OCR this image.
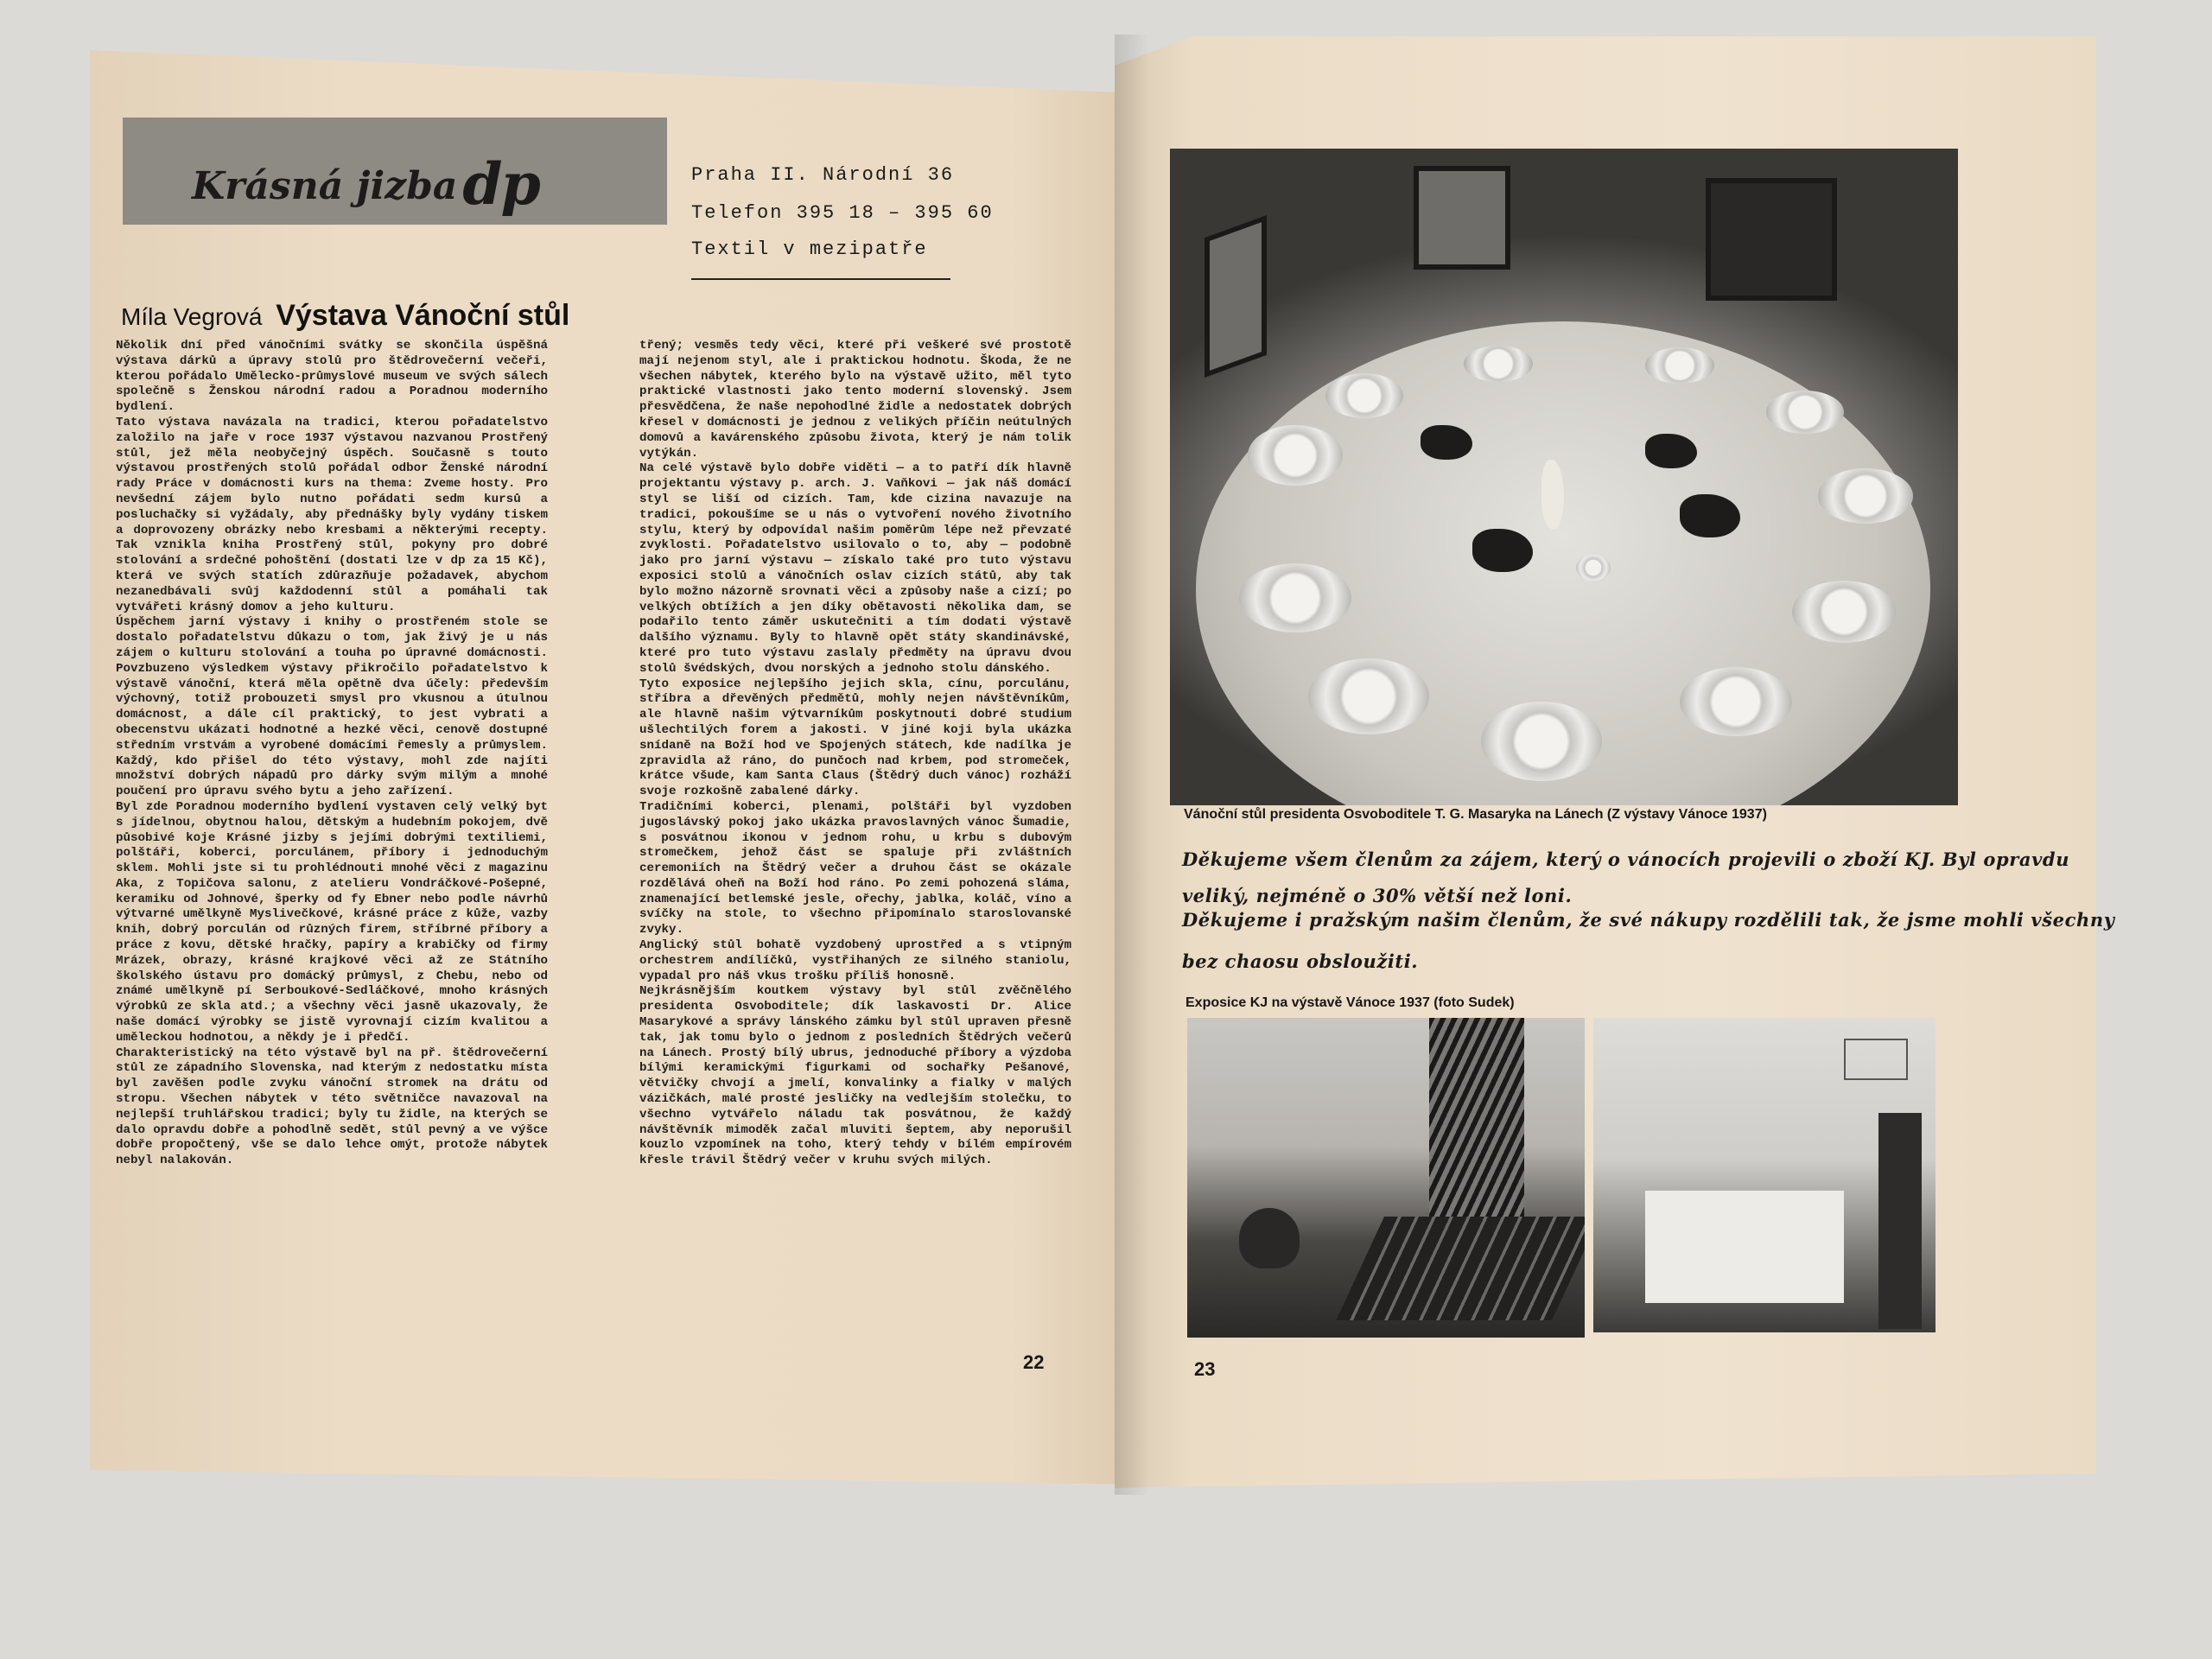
Krásná jizbadp	Praha II. Národní 36
Telefon 395 18 – 395 60
Textil v mezipatře
Míla Vegrová Výstava Vánoční stůl

Několik dní před vánočními svátky se skončila úspěšná výstava dárků a úpravy stolů pro štědrovečerní večeři, kterou pořádalo Umělecko-průmyslové museum ve svých sálech společně s Ženskou národní radou a Poradnou moderního bydlení.

Tato výstava navázala na tradici, kterou pořadatelstvo založilo na jaře v roce 1937 výstavou nazvanou Prostřený stůl, jež měla neobyčejný úspěch. Současně s touto výstavou prostřených stolů pořádal odbor Ženské národní rady Práce v domácnosti kurs na thema: Zveme hosty. Pro nevšední zájem bylo nutno pořádati sedm kursů a posluchačky si vyžádaly, aby přednášky byly vydány tiskem a doprovozeny obrázky nebo kresbami a některými recepty. Tak vznikla kniha Prostřený stůl, pokyny pro dobré stolování a srdečné pohoštění (dostati lze v dp za 15 Kč), která ve svých statích zdůrazňuje požadavek, abychom nezanedbávali svůj každodenní stůl a pomáhali tak vytvářeti krásný domov a jeho kulturu.

Úspěchem jarní výstavy i knihy o prostřeném stole se dostalo pořadatelstvu důkazu o tom, jak živý je u nás zájem o kulturu stolování a touha po úpravné domácnosti. Povzbuzeno výsledkem výstavy přikročilo pořadatelstvo k výstavě vánoční, která měla opětně dva účely: především výchovný, totiž probouzeti smysl pro vkusnou a útulnou domácnost, a dále cíl praktický, to jest vybrati a obecenstvu ukázati hodnotné a hezké věci, cenově dostupné středním vrstvám a vyrobené domácími řemesly a průmyslem. Každý, kdo přišel do této výstavy, mohl zde najíti množství dobrých nápadů pro dárky svým milým a mnohé poučení pro úpravu svého bytu a jeho zařízení.

Byl zde Poradnou moderního bydlení vystaven celý velký byt s jídelnou, obytnou halou, dětským a hudebním pokojem, dvě působivé koje Krásné jizby s jejími dobrými textiliemi, polštáři, koberci, porculánem, příbory i jednoduchým sklem. Mohli jste si tu prohlédnouti mnohé věci z magazinu Aka, z Topičova salonu, z atelieru Vondráčkové-Pošepné, keramiku od Johnové, šperky od fy Ebner nebo podle návrhů výtvarné umělkyně Myslivečkové, krásné práce z kůže, vazby knih, dobrý porculán od různých firem, stříbrné příbory a práce z kovu, dětské hračky, papíry a krabičky od firmy Mrázek, obrazy, krásné krajkové věci až ze Státního školského ústavu pro domácký průmysl, z Chebu, nebo od známé umělkyně pí Serboukové-Sedláčkové, mnoho krásných výrobků ze skla atd.; a všechny věci jasně ukazovaly, že naše domácí výrobky se jistě vyrovnají cizím kvalitou a uměleckou hodnotou, a někdy je i předčí.

Charakteristický na této výstavě byl na př. štědrovečerní stůl ze západního Slovenska, nad kterým z nedostatku místa byl zavěšen podle zvyku vánoční stromek na drátu od stropu. Všechen nábytek v této světničce navazoval na nejlepší truhlářskou tradici; byly tu židle, na kterých se dalo opravdu dobře a pohodlně sedět, stůl pevný a ve výšce dobře propočtený, vše se dalo lehce omýt, protože nábytek nebyl nalakován.

třený; vesměs tedy věci, které při veškeré své prostotě mají nejenom styl, ale i praktickou hodnotu. Škoda, že ne všechen nábytek, kterého bylo na výstavě užito, měl tyto praktické vlastnosti jako tento moderní slovenský. Jsem přesvědčena, že naše nepohodlné židle a nedostatek dobrých křesel v domácnosti je jednou z velikých příčin neútulných domovů a kavárenského způsobu života, který je nám tolik vytýkán.

Na celé výstavě bylo dobře viděti — a to patří dík hlavně projektantu výstavy p. arch. J. Vaňkovi — jak náš domácí styl se liší od cizích. Tam, kde cizina navazuje na tradici, pokoušíme se u nás o vytvoření nového životního stylu, který by odpovídal našim poměrům lépe než převzaté zvyklosti. Pořadatelstvo usilovalo o to, aby — podobně jako pro jarní výstavu — získalo také pro tuto výstavu exposici stolů a vánočních oslav cizích států, aby tak bylo možno názorně srovnati věci a způsoby naše a cizí; po velkých obtížích a jen díky obětavosti několika dam, se podařilo tento záměr uskutečniti a tím dodati výstavě dalšího významu. Byly to hlavně opět státy skandinávské, které pro tuto výstavu zaslaly předměty na úpravu dvou stolů švédských, dvou norských a jednoho stolu dánského.

Tyto exposice nejlepšího jejich skla, cínu, porculánu, stříbra a dřevěných předmětů, mohly nejen návštěvníkům, ale hlavně našim výtvarníkům poskytnouti dobré studium ušlechtilých forem a jakosti. V jiné koji byla ukázka snídaně na Boží hod ve Spojených státech, kde nadílka je zpravidla až ráno, do punčoch nad krbem, pod stromeček, krátce všude, kam Santa Claus (Štědrý duch vánoc) rozháží svoje rozkošně zabalené dárky.

Tradičními koberci, plenami, polštáři byl vyzdoben jugoslávský pokoj jako ukázka pravoslavných vánoc Šumadie, s posvátnou ikonou v jednom rohu, u krbu s dubovým stromečkem, jehož část se spaluje při zvláštních ceremoniích na Štědrý večer a druhou část se okázale rozdělává oheň na Boží hod ráno. Po zemi pohozená sláma, znamenající betlemské jesle, ořechy, jablka, koláč, víno a svíčky na stole, to všechno připomínalo staroslovanské zvyky.

Anglický stůl bohatě vyzdobený uprostřed a s vtipným orchestrem andílíčků, vystřihaných ze silného staniolu, vypadal pro náš vkus trošku příliš honosně.

Nejkrásnějším koutkem výstavy byl stůl zvěčnělého presidenta Osvoboditele; dík laskavosti Dr. Alice Masarykové a správy lánského zámku byl stůl upraven přesně tak, jak tomu bylo o jednom z posledních Štědrých večerů na Lánech. Prostý bílý ubrus, jednoduché příbory a výzdoba bílými keramickými figurkami od sochařky Pešanové, větvičky chvojí a jmelí, konvalinky a fialky v malých vázičkách, malé prosté jesličky na vedlejším stolečku, to všechno vytvářelo náladu tak posvátnou, že každý návštěvník mimoděk začal mluviti šeptem, aby neporušil kouzlo vzpomínek na toho, který tehdy v bílém empírovém křesle trávil Štědrý večer v kruhu svých milých.

22	23
Vánoční stůl presidenta Osvoboditele T. G. Masaryka na Lánech (Z výstavy Vánoce 1937)
Děkujeme všem členům za zájem, který o vánocích projevili o zboží KJ. Byl opravdu
veliký, nejméně o 30% větší než loni.
Děkujeme i pražským našim členům, že své nákupy rozdělili tak, že jsme mohli všechny
bez chaosu obsloužiti.
Exposice KJ na výstavě Vánoce 1937 (foto Sudek)
